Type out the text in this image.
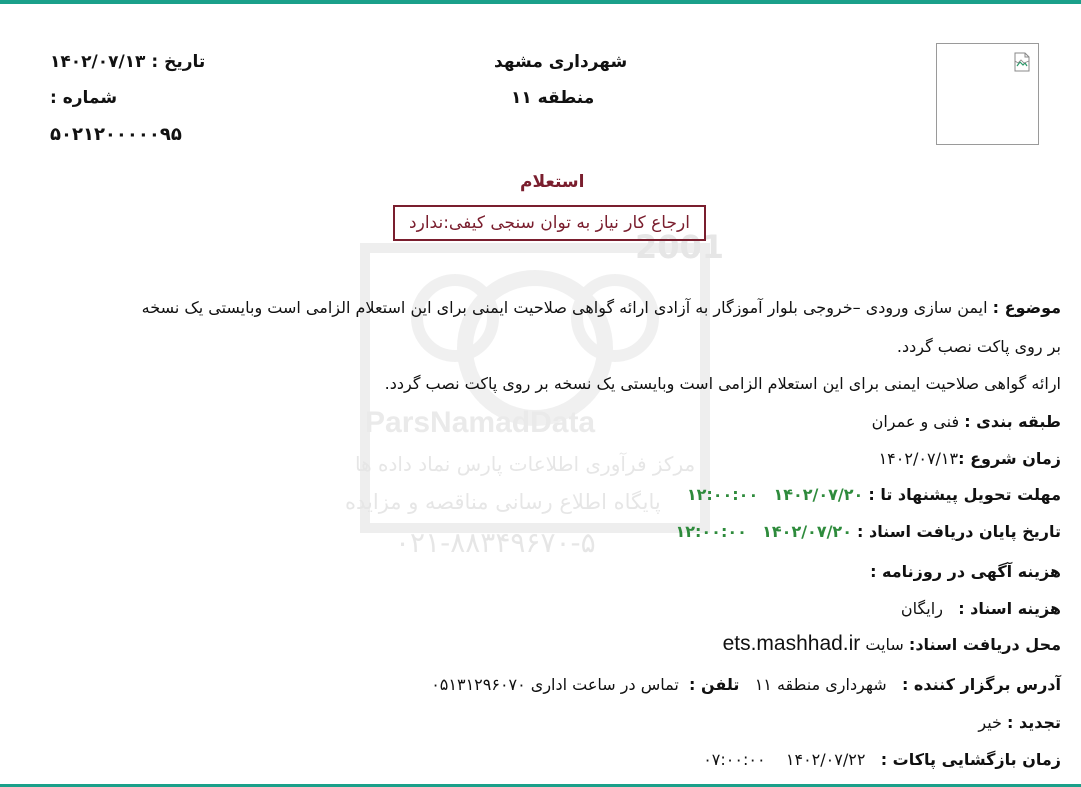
2001
ParsNamadData
مرکز فرآوری اطلاعات پارس نماد داده ها
پایگاه اطلاع رسانی مناقصه و مزایده
۰۲۱-۸۸۳۴۹۶۷۰-۵
شهرداری مشهد
منطقه ۱۱
تاریخ : ۱۴۰۲/۰۷/۱۳
شماره :
۵۰۲۱۲۰۰۰۰۰۹۵
استعلام
ارجاع کار نیاز به توان سنجی کیفی:ندارد
موضوع : ایمن سازی ورودی –خروجی بلوار آموزگار به آزادی ارائه گواهی صلاحیت ایمنی برای این استعلام الزامی است وبایستی یک نسخه
بر روی پاکت نصب گردد.
ارائه گواهی صلاحیت ایمنی برای این استعلام الزامی است وبایستی یک نسخه بر روی پاکت نصب گردد.
طبقه بندی : فنی و عمران
زمان شروع :۱۴۰۲/۰۷/۱۳
مهلت تحویل پیشنهاد تا : ۱۴۰۲/۰۷/۲۰   ۱۲:۰۰:۰۰
تاریخ پایان دریافت اسناد : ۱۴۰۲/۰۷/۲۰   ۱۲:۰۰:۰۰
هزینه آگهی در روزنامه :
هزینه اسناد :   رایگان
محل دریافت اسناد: سایت ets.mashhad.ir
آدرس برگزار کننده :   شهرداری منطقه ۱۱   تلفن :  تماس در ساعت اداری ۰۵۱۳۱۲۹۶۰۷۰
تجدید : خیر
زمان بازگشایی پاکات :   ۱۴۰۲/۰۷/۲۲    ۰۷:۰۰:۰۰
